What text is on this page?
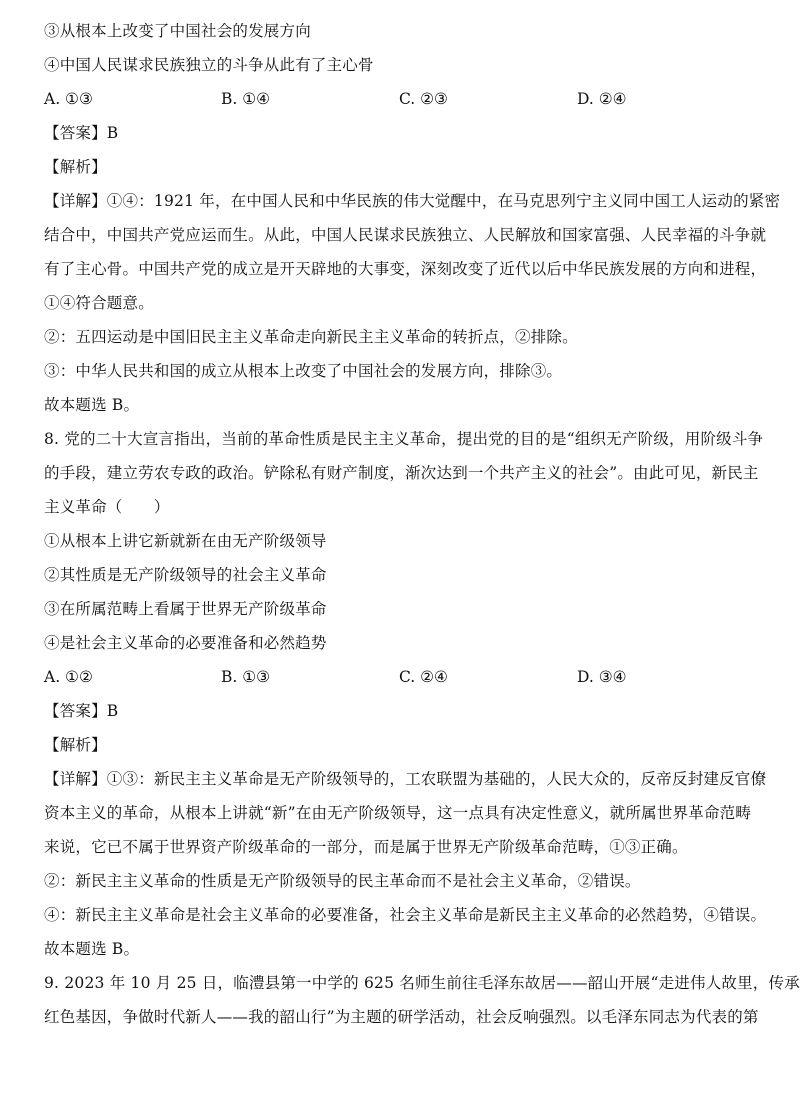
③从根本上改变了中国社会的发展方向
④中国人民谋求民族独立的斗争从此有了主心骨
A. ①③	B. ①④	C. ②③	D. ②④
【答案】B
【解析】
【详解】①④：1921 年，在中国人民和中华民族的伟大觉醒中，在马克思列宁主义同中国工人运动的紧密
结合中，中国共产党应运而生。从此，中国人民谋求民族独立、人民解放和国家富强、人民幸福的斗争就
有了主心骨。中国共产党的成立是开天辟地的大事变，深刻改变了近代以后中华民族发展的方向和进程，
①④符合题意。
②：五四运动是中国旧民主主义革命走向新民主主义革命的转折点，②排除。
③：中华人民共和国的成立从根本上改变了中国社会的发展方向，排除③。
故本题选 B。
8. 党的二十大宣言指出，当前的革命性质是民主主义革命，提出党的目的是“组织无产阶级，用阶级斗争
的手段，建立劳农专政的政治。铲除私有财产制度，渐次达到一个共产主义的社会”。由此可见，新民主
主义革命（　　）
①从根本上讲它新就新在由无产阶级领导
②其性质是无产阶级领导的社会主义革命
③在所属范畴上看属于世界无产阶级革命
④是社会主义革命的必要准备和必然趋势
A. ①②	B. ①③	C. ②④	D. ③④
【答案】B
【解析】
【详解】①③：新民主主义革命是无产阶级领导的，工农联盟为基础的，人民大众的，反帝反封建反官僚
资本主义的革命，从根本上讲就“新”在由无产阶级领导，这一点具有决定性意义，就所属世界革命范畴
来说，它已不属于世界资产阶级革命的一部分，而是属于世界无产阶级革命范畴，①③正确。
②：新民主主义革命的性质是无产阶级领导的民主革命而不是社会主义革命，②错误。
④：新民主主义革命是社会主义革命的必要准备，社会主义革命是新民主主义革命的必然趋势，④错误。
故本题选 B。
9. 2023 年 10 月 25 日，临澧县第一中学的 625 名师生前往毛泽东故居——韶山开展“走进伟人故里，传承
红色基因，争做时代新人——我的韶山行”为主题的研学活动，社会反响强烈。以毛泽东同志为代表的第
